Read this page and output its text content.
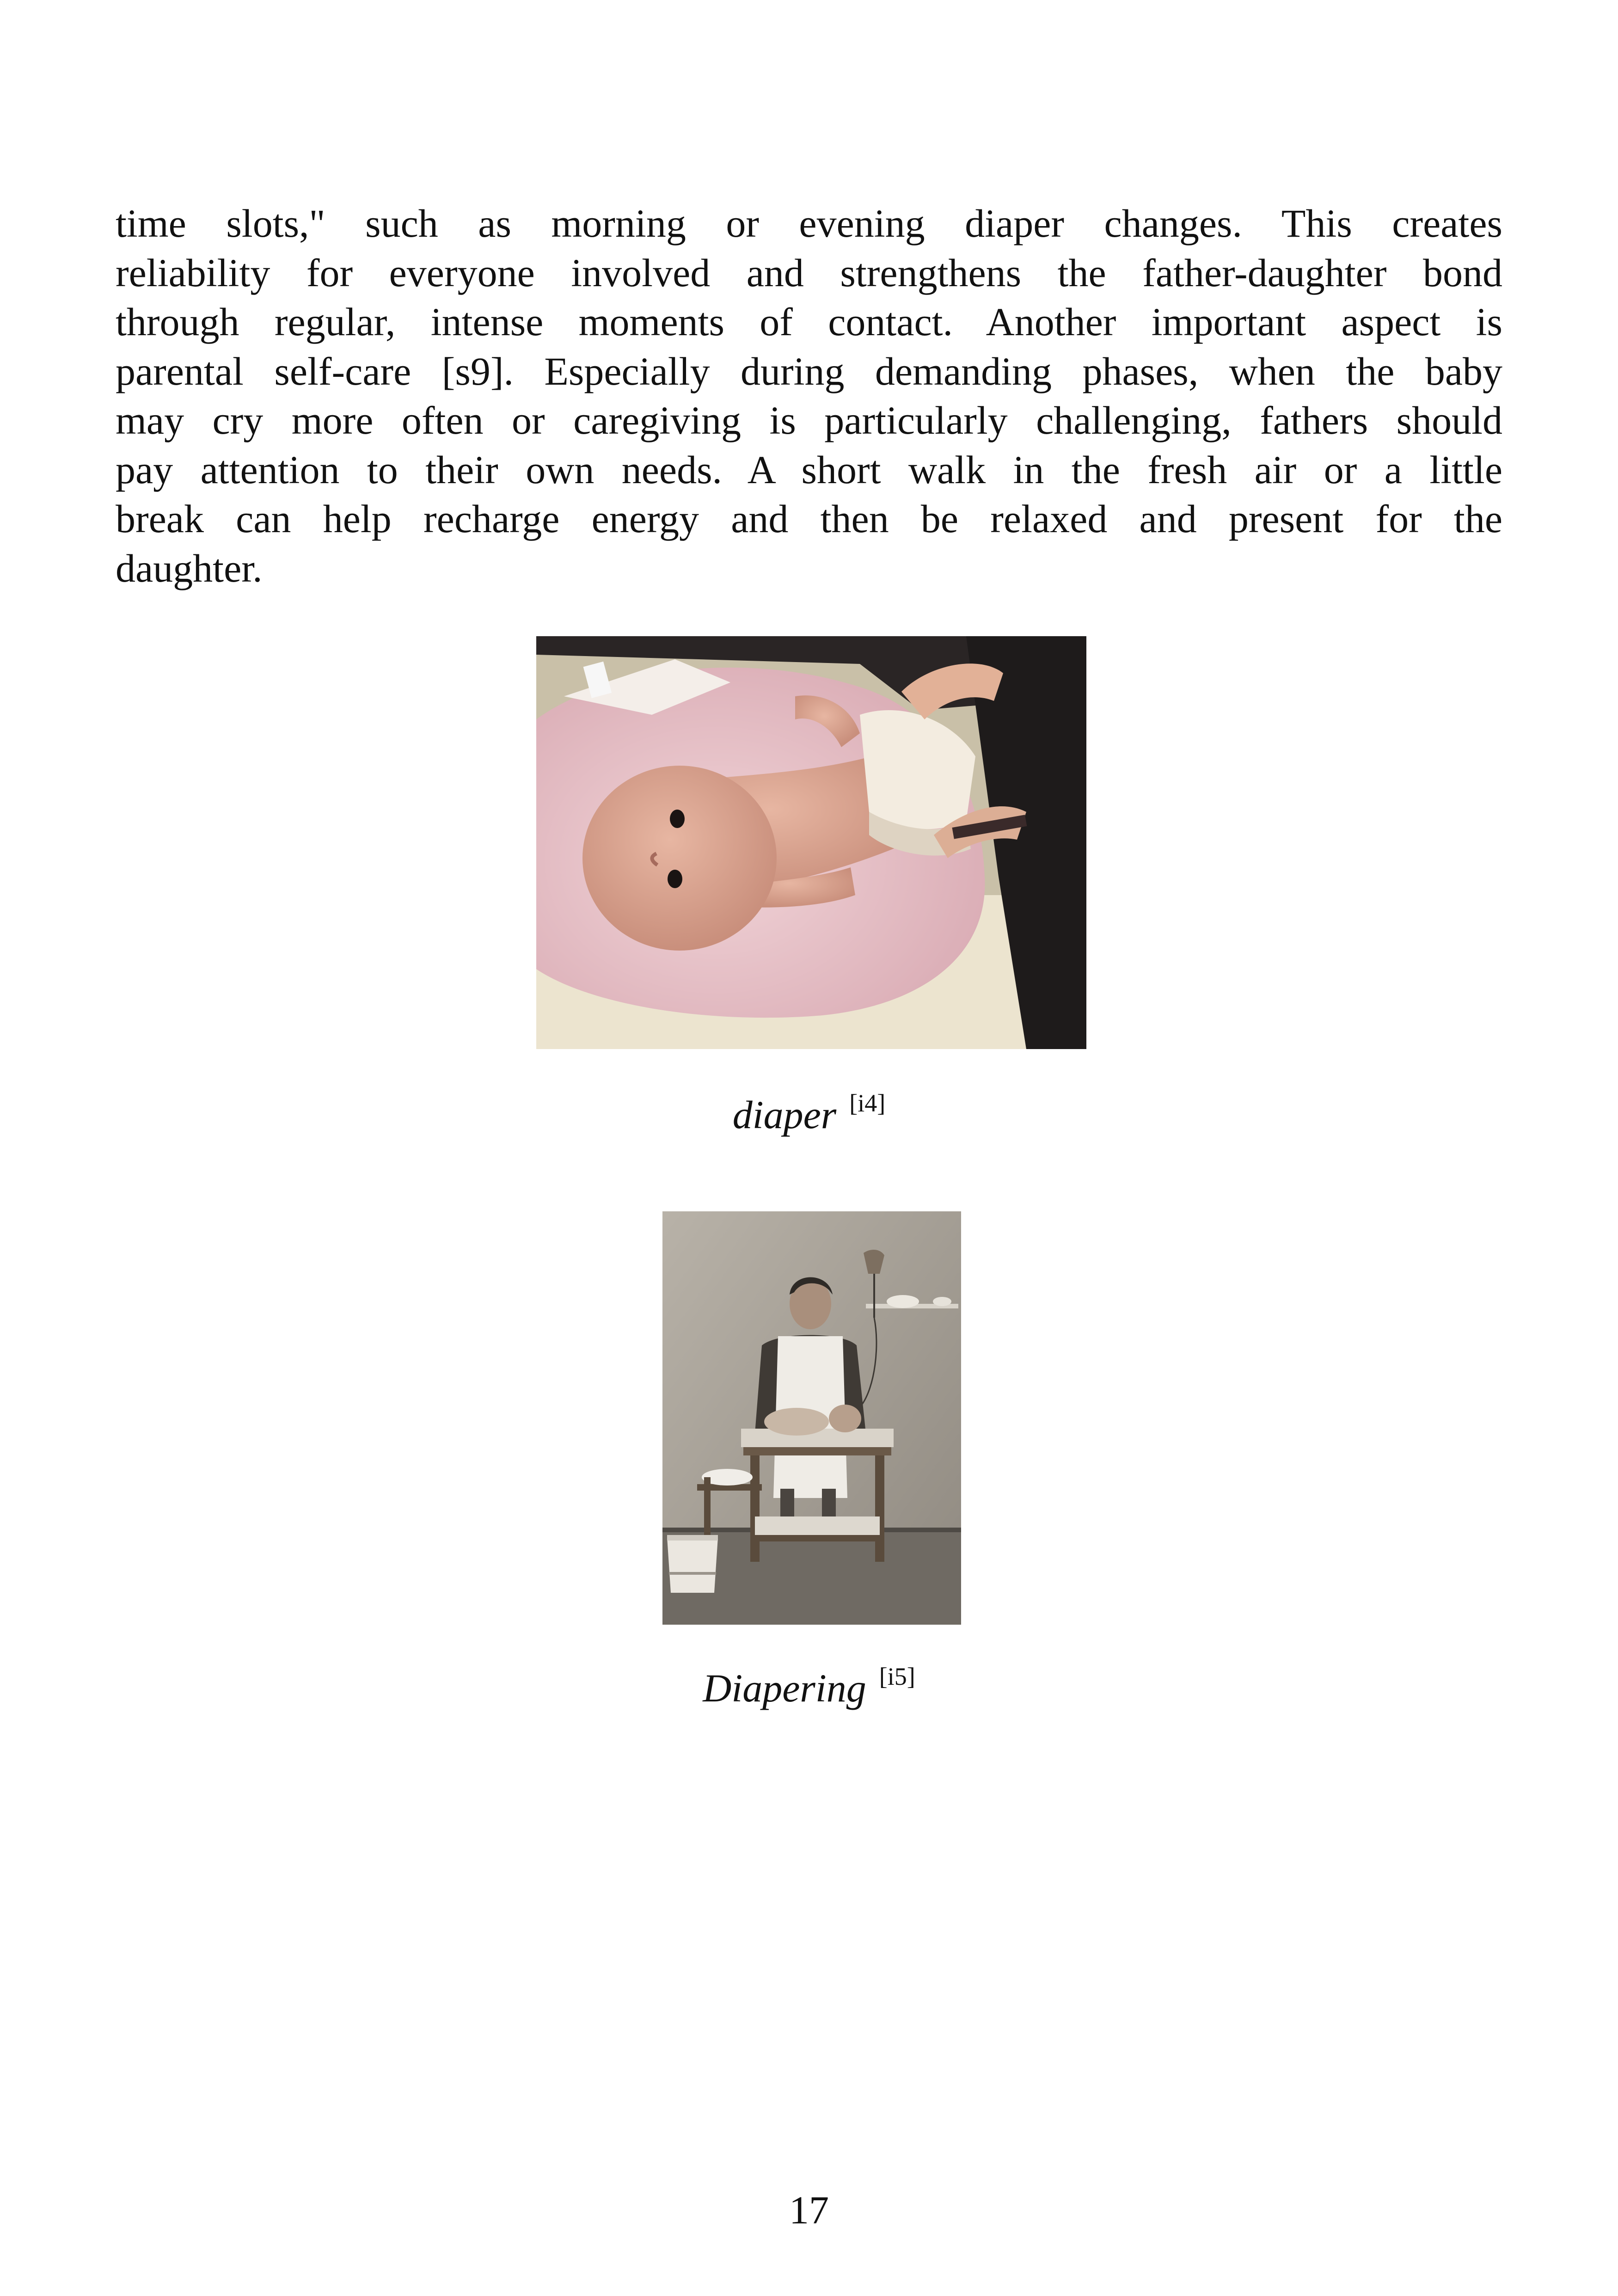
time slots," such as morning or evening diaper changes. This creates
reliability for everyone involved and strengthens the father-daughter bond
through regular, intense moments of contact. Another important aspect is
parental self-care [s9]. Especially during demanding phases, when the baby
may cry more often or caregiving is particularly challenging, fathers should
pay attention to their own needs. A short walk in the fresh air or a little
break can help recharge energy and then be relaxed and present for the
daughter.
diaper [i4]
Diapering [i5]
17
